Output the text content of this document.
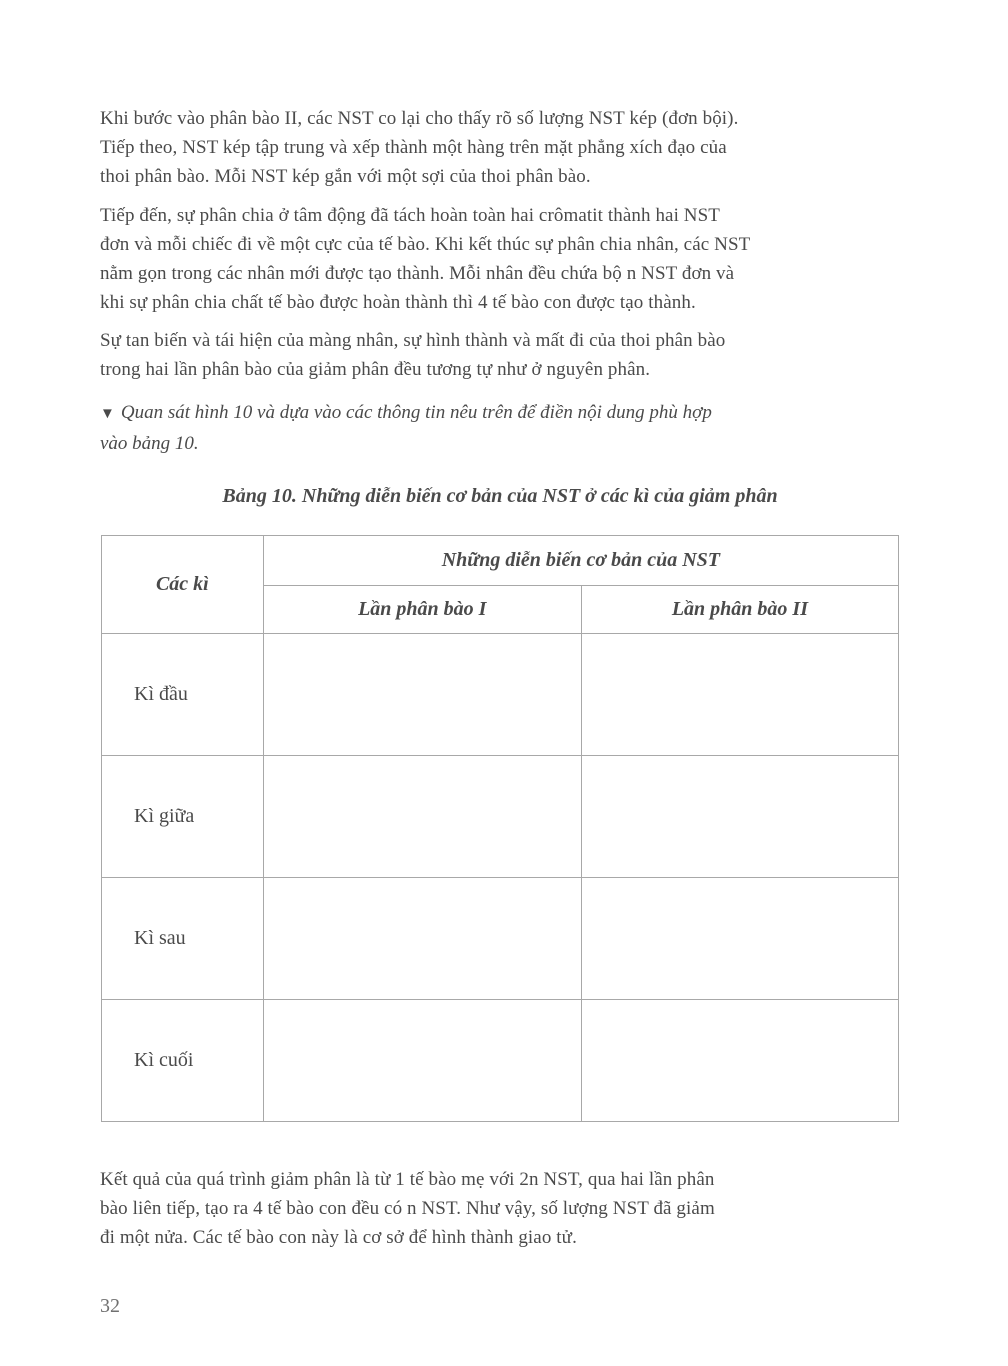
Khi bước vào phân bào II, các NST co lại cho thấy rõ số lượng NST kép (đơn bội).
Tiếp theo, NST kép tập trung và xếp thành một hàng trên mặt phẳng xích đạo của
thoi phân bào. Mỗi NST kép gắn với một sợi của thoi phân bào.
Tiếp đến, sự phân chia ở tâm động đã tách hoàn toàn hai crômatit thành hai NST
đơn và mỗi chiếc đi về một cực của tế bào. Khi kết thúc sự phân chia nhân, các NST
nằm gọn trong các nhân mới được tạo thành. Mỗi nhân đều chứa bộ n NST đơn và
khi sự phân chia chất tế bào được hoàn thành thì 4 tế bào con được tạo thành.
Sự tan biến và tái hiện của màng nhân, sự hình thành và mất đi của thoi phân bào
trong hai lần phân bào của giảm phân đều tương tự như ở nguyên phân.
▼ Quan sát hình 10 và dựa vào các thông tin nêu trên để điền nội dung phù hợp
vào bảng 10.

Bảng 10. Những diễn biến cơ bản của NST ở các kì của giảm phân

Các kì	Những diễn biến cơ bản của NST	
	Lần phân bào I	Lần phân bào II
Kì đầu		
Kì giữa		
Kì sau		
Kì cuối		
Kết quả của quá trình giảm phân là từ 1 tế bào mẹ với 2n NST, qua hai lần phân
bào liên tiếp, tạo ra 4 tế bào con đều có n NST. Như vậy, số lượng NST đã giảm
đi một nửa. Các tế bào con này là cơ sở để hình thành giao tử.

32
